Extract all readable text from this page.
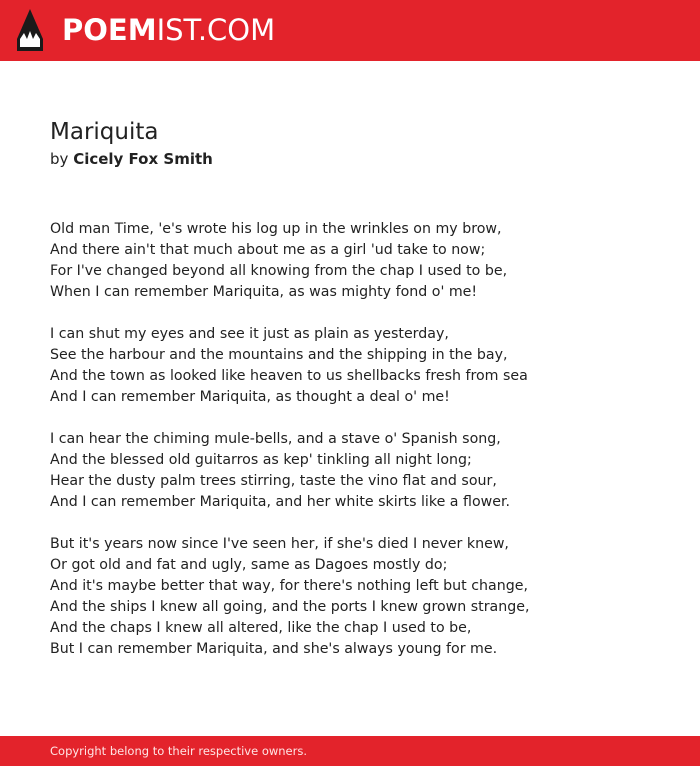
POEMIST.COM
Mariquita
by Cicely Fox Smith
Old man Time, 'e's wrote his log up in the wrinkles on my brow,
And there ain't that much about me as a girl 'ud take to now;
For I've changed beyond all knowing from the chap I used to be,
When I can remember Mariquita, as was mighty fond o' me!
I can shut my eyes and see it just as plain as yesterday,
See the harbour and the mountains and the shipping in the bay,
And the town as looked like heaven to us shellbacks fresh from sea
And I can remember Mariquita, as thought a deal o' me!
I can hear the chiming mule-bells, and a stave o' Spanish song,
And the blessed old guitarros as kep' tinkling all night long;
Hear the dusty palm trees stirring, taste the vino flat and sour,
And I can remember Mariquita, and her white skirts like a flower.
But it's years now since I've seen her, if she's died I never knew,
Or got old and fat and ugly, same as Dagoes mostly do;
And it's maybe better that way, for there's nothing left but change,
And the ships I knew all going, and the ports I knew grown strange,
And the chaps I knew all altered, like the chap I used to be,
But I can remember Mariquita, and she's always young for me.
Copyright belong to their respective owners.
